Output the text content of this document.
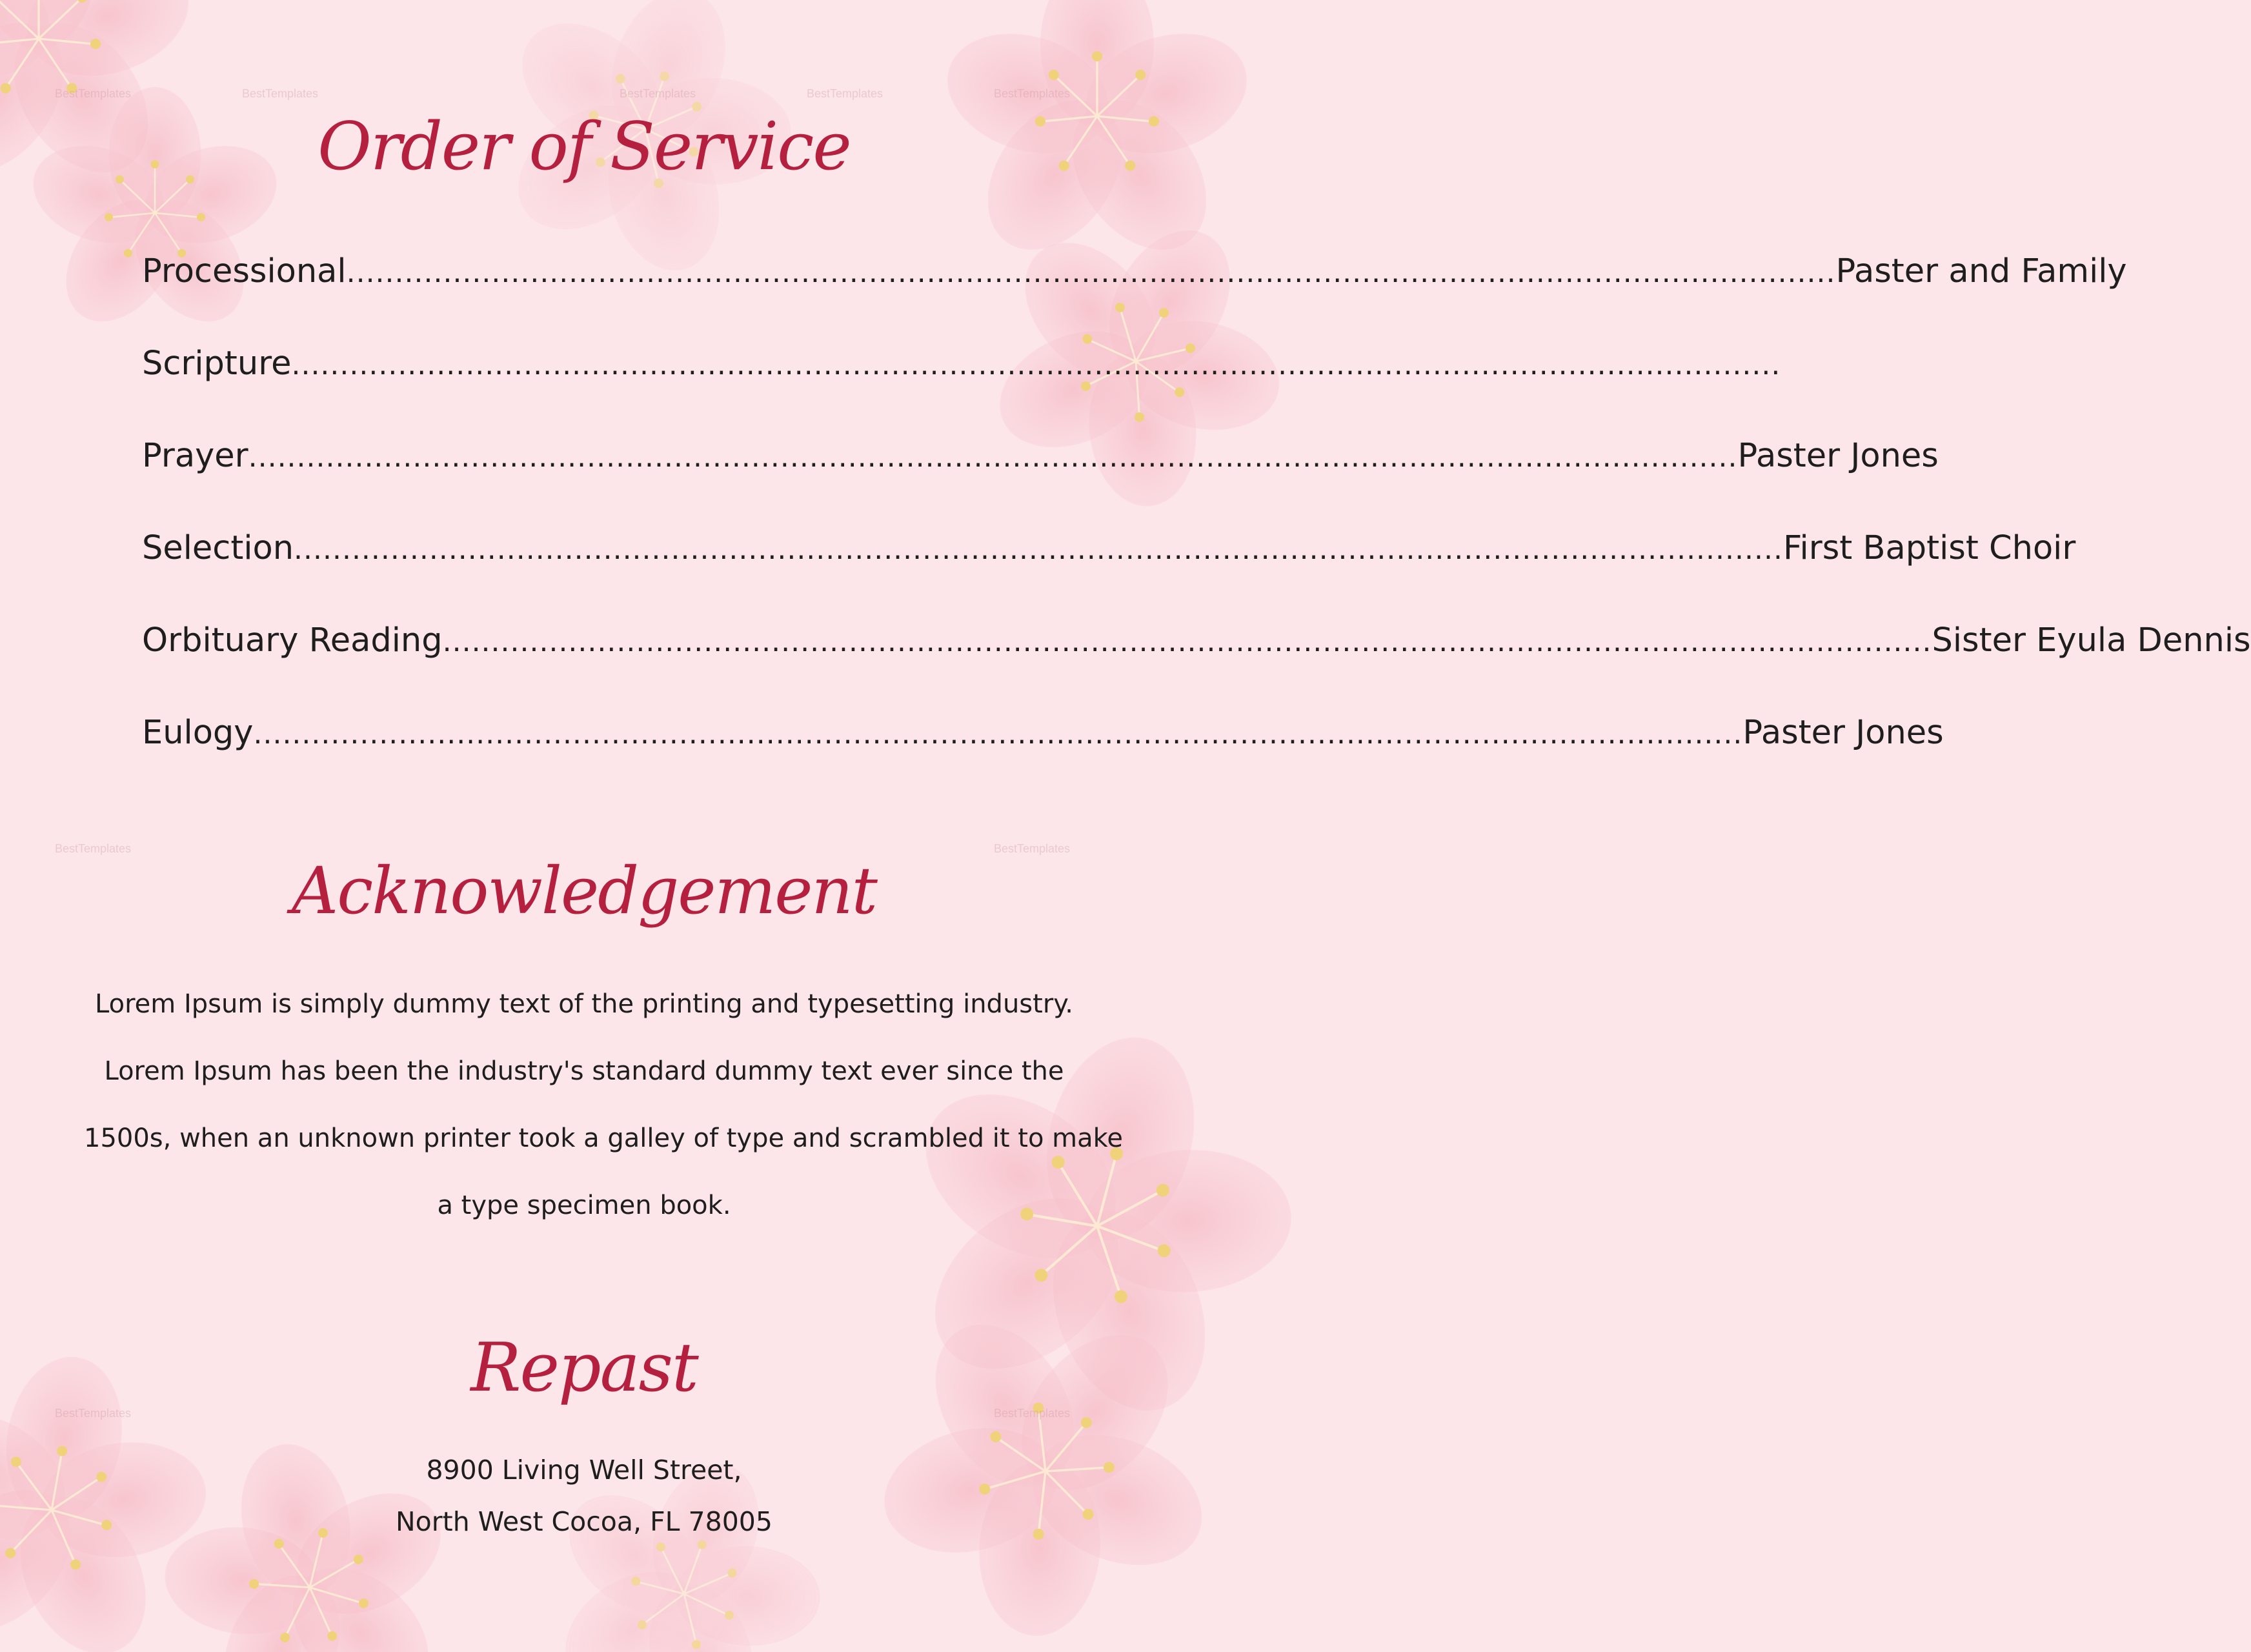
BestTemplates	BestTemplates	BestTemplates	BestTemplates	BestTemplates
BestTemplates	BestTemplates
BestTemplates	BestTemplates
Order of Service
Processional .......................................................................................................................................................... Paster and Family
Scripture ..........................................................................................................................................................
Prayer .......................................................................................................................................................... Paster Jones
Selection .......................................................................................................................................................... First Baptist Choir
Orbituary Reading .......................................................................................................................................................... Sister Eyula Dennis
Eulogy .......................................................................................................................................................... Paster Jones
Acknowledgement
Lorem Ipsum is simply dummy text of the printing and typesetting industry.
Lorem Ipsum has been the industry's standard dummy text ever since the
1500s, when an unknown printer took a galley of type and scrambled it to make
a type specimen book.
Repast
8900 Living Well Street,
North West Cocoa, FL 78005
